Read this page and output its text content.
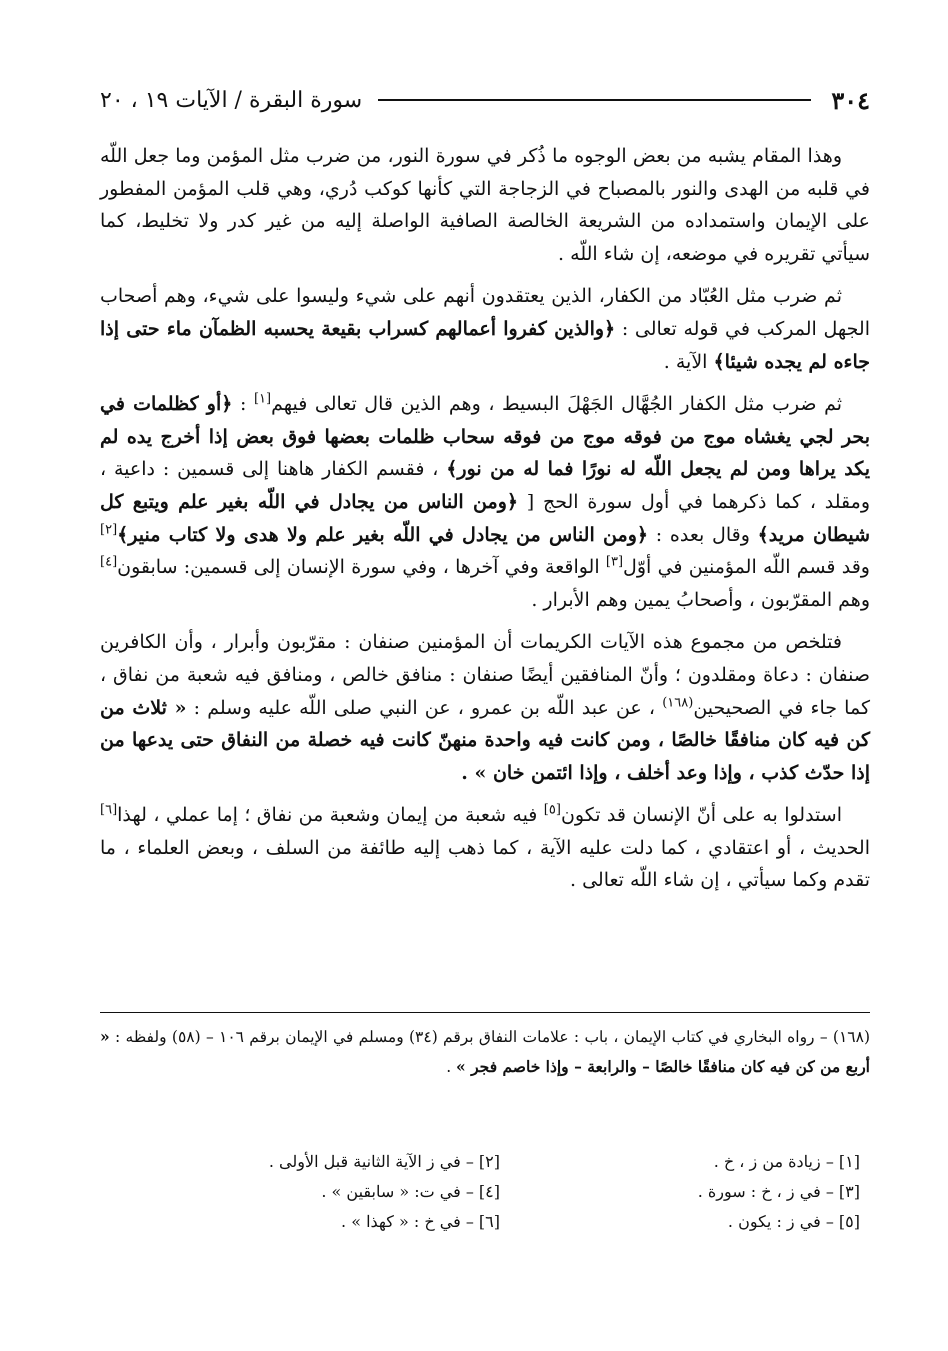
٣٠٤
سورة البقرة / الآيات ١٩ ، ٢٠

وهذا المقام يشبه من بعض الوجوه ما ذُكر في سورة النور، من ضرب مثل المؤمن وما جعل اللّه في قلبه من الهدى والنور بالمصباح في الزجاجة التي كأنها كوكب دُري، وهي قلب المؤمن المفطور على الإيمان واستمداده من الشريعة الخالصة الصافية الواصلة إليه من غير كدر ولا تخليط، كما سيأتي تقريره في موضعه، إن شاء اللّه .

ثم ضرب مثل العُبّاد من الكفار، الذين يعتقدون أنهم على شيء وليسوا على شيء، وهم أصحاب الجهل المركب في قوله تعالى : ﴿والذين كفروا أعمالهم كسراب بقيعة يحسبه الظمآن ماء حتى إذا جاءه لم يجده شيئا﴾ الآية .

ثم ضرب مثل الكفار الجُهَّال الجَهْلَ البسيط ، وهم الذين قال تعالى فيهم[١] : ﴿أو كظلمات في بحر لجي يغشاه موج من فوقه موج من فوقه سحاب ظلمات بعضها فوق بعض إذا أخرج يده لم يكد يراها ومن لم يجعل اللّه له نورًا فما له من نور﴾ ، فقسم الكفار هاهنا إلى قسمين : داعية ، ومقلد ، كما ذكرهما في أول سورة الحج [ ﴿ومن الناس من يجادل في اللّه بغير علم ويتبع كل شيطان مريد﴾ وقال بعده : ﴿ومن الناس من يجادل في اللّه بغير علم ولا هدى ولا كتاب منير﴾[٢] وقد قسم اللّه المؤمنين في أوّل[٣] الواقعة وفي آخرها ، وفي سورة الإنسان إلى قسمين: سابقون[٤] وهم المقرّبون ، وأصحابُ يمين وهم الأبرار .

فتلخص من مجموع هذه الآيات الكريمات أن المؤمنين صنفان : مقرّبون وأبرار ، وأن الكافرين صنفان : دعاة ومقلدون ؛ وأنّ المنافقين أيضًا صنفان : منافق خالص ، ومنافق فيه شعبة من نفاق ، كما جاء في الصحيحين$^{(١٦٨)}$ ، عن عبد اللّه بن عمرو ، عن النبي صلى اللّه عليه وسلم : « ثلاث من كن فيه كان منافقًا خالصًا ، ومن كانت فيه واحدة منهنّ كانت فيه خصلة من النفاق حتى يدعها من إذا حدّث كذب ، وإذا وعد أخلف ، وإذا ائتمن خان » .

استدلوا به على أنّ الإنسان قد تكون[٥] فيه شعبة من إيمان وشعبة من نفاق ؛ إما عملي ، لهذا[٦] الحديث ، أو اعتقادي ، كما دلت عليه الآية ، كما ذهب إليه طائفة من السلف ، وبعض العلماء ، ما تقدم وكما سيأتي ، إن شاء اللّه تعالى .

(١٦٨) – رواه البخاري في كتاب الإيمان ، باب : علامات النفاق برقم (٣٤) ومسلم في الإيمان برقم ١٠٦ – (٥٨) ولفظه : « أربع من كن فيه كان منافقًا خالصًا – والرابعة – وإذا خاصم فجر » .
[١] – زيادة من ز ، خ .
[٢] – في ز الآية الثانية قبل الأولى .
[٣] – في ز ، خ : سورة .
[٤] – في ت: « سابقين » .
[٥] – في ز : يكون .
[٦] – في خ : « كهذا » .
